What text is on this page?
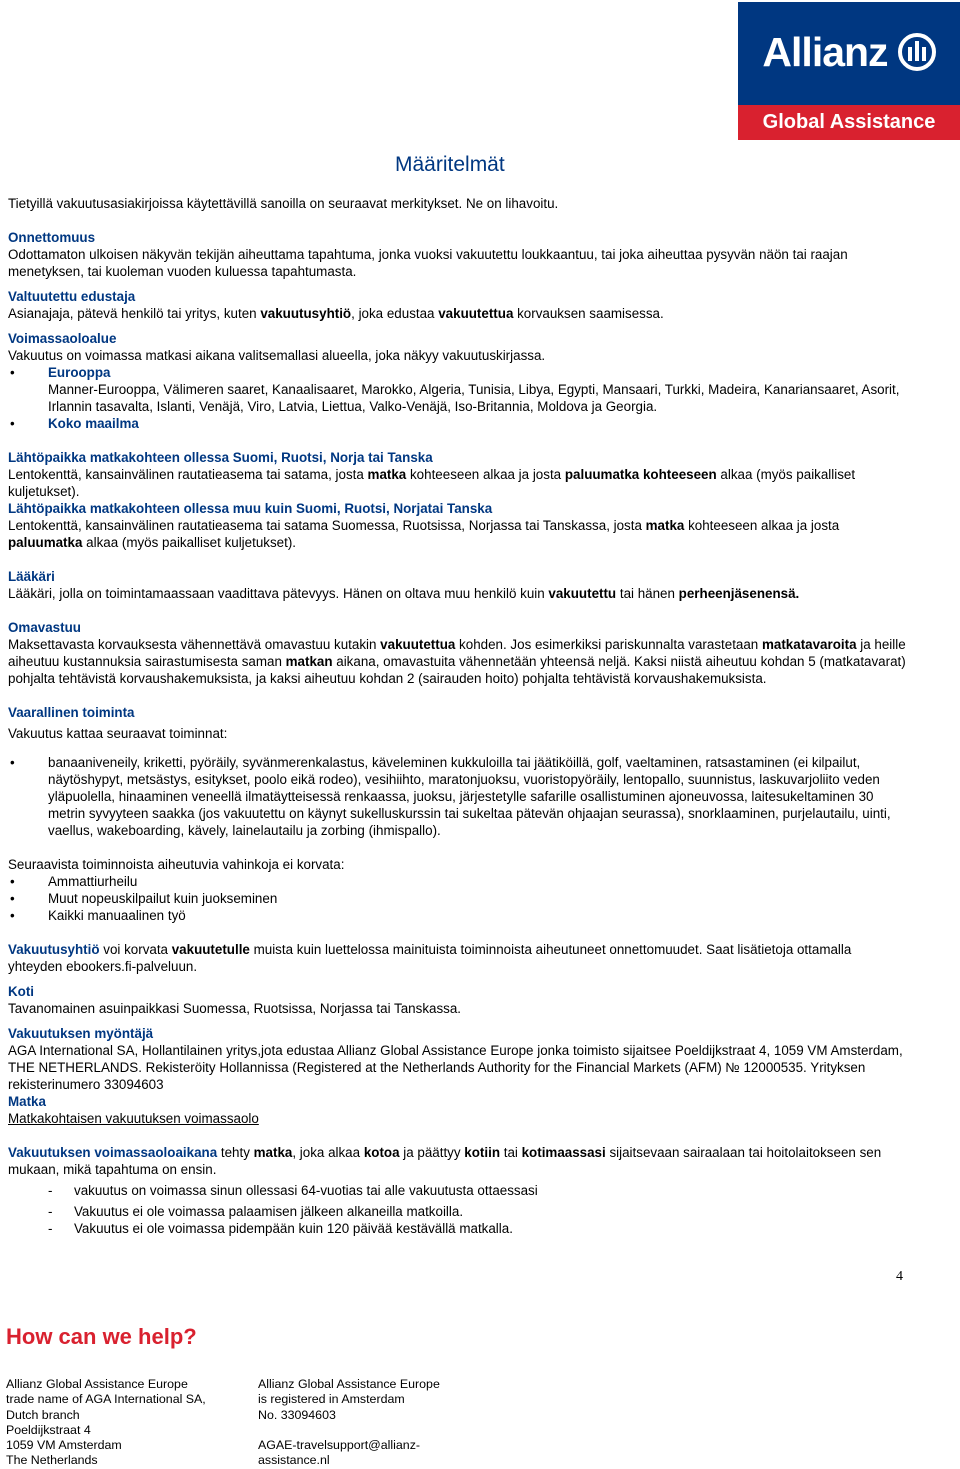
Allianz
Global Assistance
Määritelmät

Tietyillä vakuutusasiakirjoissa käytettävillä sanoilla on seuraavat merkitykset. Ne on lihavoitu.

Onnettomuus

Odottamaton ulkoisen näkyvän tekijän aiheuttama tapahtuma, jonka vuoksi vakuutettu loukkaantuu, tai joka aiheuttaa pysyvän näön tai raajan menetyksen, tai kuoleman vuoden kuluessa tapahtumasta.

Valtuutettu edustaja

Asianajaja, pätevä henkilö tai yritys, kuten vakuutusyhtiö, joka edustaa vakuutettua korvauksen saamisessa.

Voimassaoloalue

Vakuutus on voimassa matkasi aikana valitsemallasi alueella, joka näkyy vakuutuskirjassa.

• Eurooppa
Manner-Eurooppa, Välimeren saaret, Kanaalisaaret, Marokko, Algeria, Tunisia, Libya, Egypti, Mansaari, Turkki, Madeira, Kanariansaaret, Asorit, Irlannin tasavalta, Islanti, Venäjä, Viro, Latvia, Liettua, Valko-Venäjä, Iso-Britannia, Moldova ja Georgia.
• Koko maailma

Lähtöpaikka matkakohteen ollessa Suomi, Ruotsi, Norja tai Tanska

Lentokenttä, kansainvälinen rautatieasema tai satama, josta matka kohteeseen alkaa ja josta paluumatka kohteeseen alkaa (myös paikalliset kuljetukset).

Lähtöpaikka matkakohteen ollessa muu kuin Suomi, Ruotsi, Norjatai Tanska

Lentokenttä, kansainvälinen rautatieasema tai satama Suomessa, Ruotsissa, Norjassa tai Tanskassa, josta matka kohteeseen alkaa ja josta paluumatka alkaa (myös paikalliset kuljetukset).

Lääkäri

Lääkäri, jolla on toimintamaassaan vaadittava pätevyys. Hänen on oltava muu henkilö kuin vakuutettu tai hänen perheenjäsenensä.

Omavastuu

Maksettavasta korvauksesta vähennettävä omavastuu kutakin vakuutettua kohden. Jos esimerkiksi pariskunnalta varastetaan matkatavaroita ja heille aiheutuu kustannuksia sairastumisesta saman matkan aikana, omavastuita vähennetään yhteensä neljä. Kaksi niistä aiheutuu kohdan 5 (matkatavarat) pohjalta tehtävistä korvaushakemuksista, ja kaksi aiheutuu kohdan 2 (sairauden hoito) pohjalta tehtävistä korvaushakemuksista.

Vaarallinen toiminta

Vakuutus kattaa seuraavat toiminnat:

• banaaniveneily, kriketti, pyöräily, syvänmerenkalastus, käveleminen kukkuloilla tai jäätiköillä, golf, vaeltaminen, ratsastaminen (ei kilpailut, näytöshypyt, metsästys, esitykset, poolo eikä rodeo), vesihiihto, maratonjuoksu, vuoristopyöräily, lentopallo, suunnistus, laskuvarjoliito veden yläpuolella, hinaaminen veneellä ilmatäytteisessä renkaassa, juoksu, järjestetylle safarille osallistuminen ajoneuvossa, laitesukeltaminen 30 metrin syvyyteen saakka (jos vakuutettu on käynyt sukelluskurssin tai sukeltaa pätevän ohjaajan seurassa), snorklaaminen, purjelautailu, uinti, vaellus, wakeboarding, kävely, lainelautailu ja zorbing (ihmispallo).

Seuraavista toiminnoista aiheutuvia vahinkoja ei korvata:

• Ammattiurheilu
• Muut nopeuskilpailut kuin juokseminen
• Kaikki manuaalinen työ

Vakuutusyhtiö voi korvata vakuutetulle muista kuin luettelossa mainituista toiminnoista aiheutuneet onnettomuudet. Saat lisätietoja ottamalla yhteyden ebookers.fi-palveluun.

Koti

Tavanomainen asuinpaikkasi Suomessa, Ruotsissa, Norjassa tai Tanskassa.

Vakuutuksen myöntäjä

AGA International SA, Hollantilainen yritys,jota edustaa Allianz Global Assistance Europe jonka toimisto sijaitsee Poeldijkstraat 4, 1059 VM Amsterdam, THE NETHERLANDS. Rekisteröity Hollannissa (Registered at the Netherlands Authority for the Financial Markets (AFM) № 12000535. Yrityksen rekisterinumero 33094603

Matka

Matkakohtaisen vakuutuksen voimassaolo

Vakuutuksen voimassaoloaikana tehty matka, joka alkaa kotoa ja päättyy kotiin tai kotimaassasi sijaitsevaan sairaalaan tai hoitolaitokseen sen mukaan, mikä tapahtuma on ensin.

- vakuutus on voimassa sinun ollessasi 64-vuotias tai alle vakuutusta ottaessasi
- Vakuutus ei ole voimassa palaamisen jälkeen alkaneilla matkoilla.
- Vakuutus ei ole voimassa pidempään kuin 120 päivää kestävällä matkalla.
4
How can we help?
Allianz Global Assistance Europe
trade name of AGA International SA,
Dutch branch
Poeldijkstraat 4
1059 VM Amsterdam
The Netherlands
Allianz Global Assistance Europe
is registered in Amsterdam
No. 33094603

AGAE-travelsupport@allianz-
assistance.nl
